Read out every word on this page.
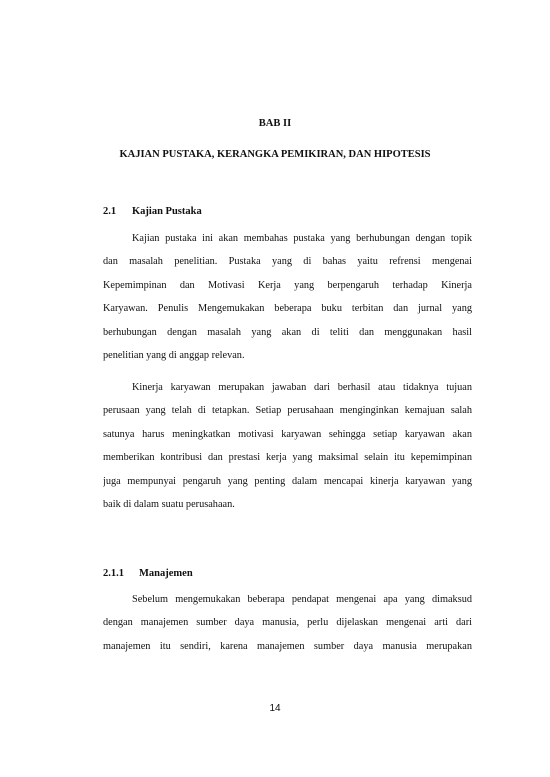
BAB II
KAJIAN PUSTAKA, KERANGKA PEMIKIRAN, DAN HIPOTESIS
2.1 Kajian Pustaka
Kajian pustaka ini akan membahas pustaka yang berhubungan dengan topik
dan masalah penelitian. Pustaka yang di bahas yaitu refrensi mengenai
Kepemimpinan dan Motivasi Kerja yang berpengaruh terhadap Kinerja
Karyawan. Penulis Mengemukakan beberapa buku terbitan dan jurnal yang
berhubungan dengan masalah yang akan di teliti dan menggunakan hasil
penelitian yang di anggap relevan.
Kinerja karyawan merupakan jawaban dari berhasil atau tidaknya tujuan
perusaan yang telah di tetapkan. Setiap perusahaan menginginkan kemajuan salah
satunya harus meningkatkan motivasi karyawan sehingga setiap karyawan akan
memberikan kontribusi dan prestasi kerja yang maksimal selain itu kepemimpinan
juga mempunyai pengaruh yang penting dalam mencapai kinerja karyawan yang
baik di dalam suatu perusahaan.
2.1.1 Manajemen
Sebelum mengemukakan beberapa pendapat mengenai apa yang dimaksud
dengan manajemen sumber daya manusia, perlu dijelaskan mengenai arti dari
manajemen itu sendiri, karena manajemen sumber daya manusia merupakan
14
